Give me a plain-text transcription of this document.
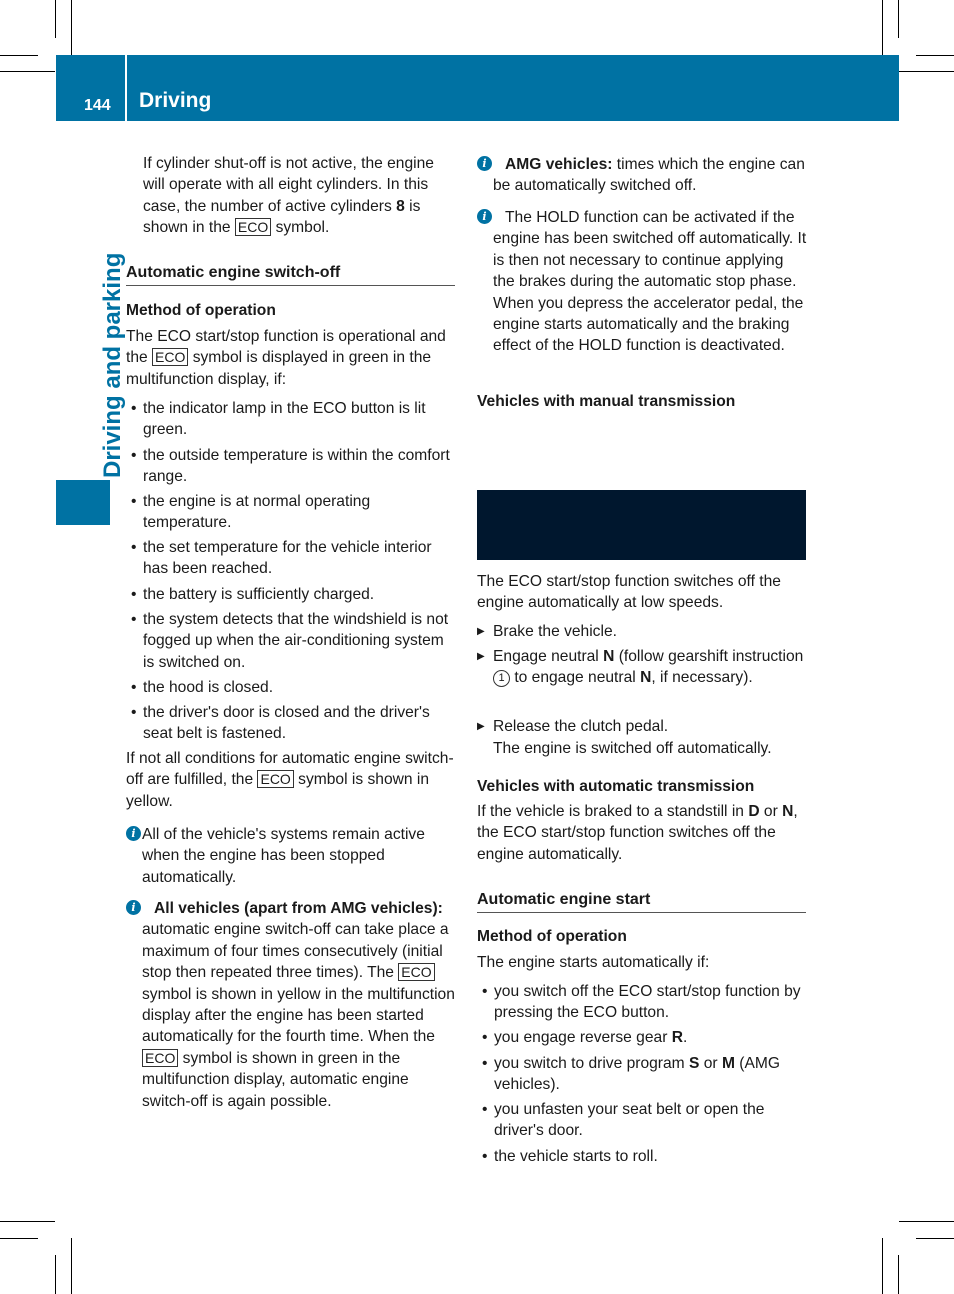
144 Driving
Driving and parking

If cylinder shut-off is not active, the engine will operate with all eight cylinders. In this case, the number of active cylinders 8 is shown in the ECO symbol.

Automatic engine switch-off

Method of operation

The ECO start/stop function is operational and the ECO symbol is displayed in green in the multifunction display, if:

• the indicator lamp in the ECO button is lit green.

• the outside temperature is within the comfort range.

• the engine is at normal operating temperature.

• the set temperature for the vehicle interior has been reached.

• the battery is sufficiently charged.

• the system detects that the windshield is not fogged up when the air-conditioning system is switched on.

• the hood is closed.

• the driver's door is closed and the driver's seat belt is fastened.

If not all conditions for automatic engine switch-off are fulfilled, the ECO symbol is shown in yellow.

i All of the vehicle's systems remain active when the engine has been stopped automatically.

i	All vehicles (apart from AMG vehicles): automatic engine switch-off can take place a maximum of four times consecutively (initial stop then repeated three times). The ECO symbol is shown in yellow in the multifunction display after the engine has been started automatically for the fourth time. When the ECO symbol is shown in green in the multifunction display, automatic engine switch-off is again possible.

i	AMG vehicles: times which the engine can be automatically switched off.

i	The HOLD function can be activated if the engine has been switched off automatically. It is then not necessary to continue applying the brakes during the automatic stop phase. When you depress the accelerator pedal, the engine starts automatically and the braking effect of the HOLD function is deactivated.

Vehicles with manual transmission

The ECO start/stop function switches off the engine automatically at low speeds.

▶ Brake the vehicle.

▶ Engage neutral N (follow gearshift instruction 1 to engage neutral N, if necessary).

▶ Release the clutch pedal.

The engine is switched off automatically.

Vehicles with automatic transmission

If the vehicle is braked to a standstill in D or N, the ECO start/stop function switches off the engine automatically.

Automatic engine start

Method of operation

The engine starts automatically if:

• you switch off the ECO start/stop function by pressing the ECO button.

• you engage reverse gear R.

• you switch to drive program S or M (AMG vehicles).

• you unfasten your seat belt or open the driver's door.

• the vehicle starts to roll.
